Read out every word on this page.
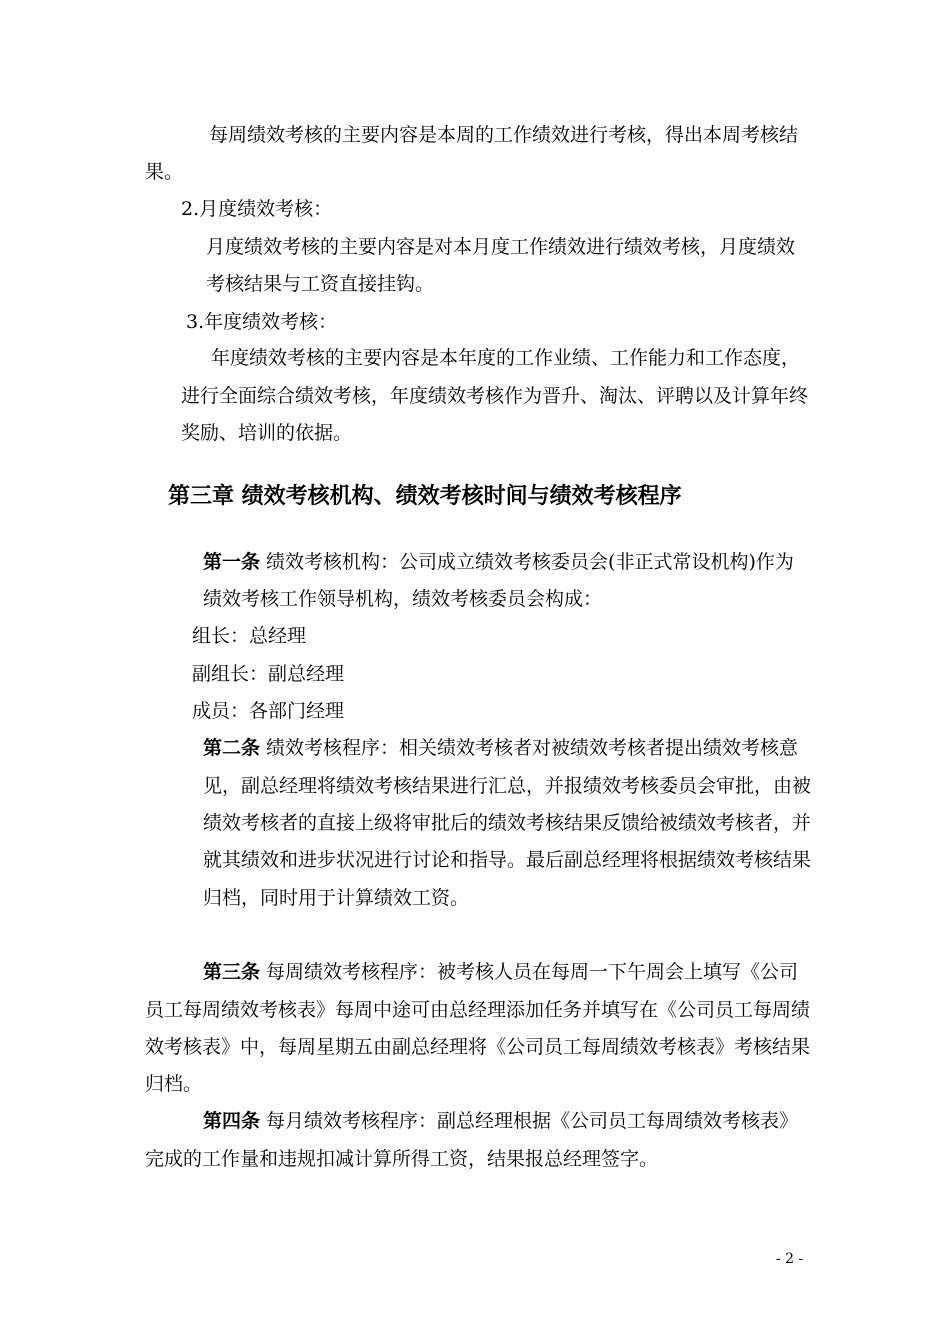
每周绩效考核的主要内容是本周的工作绩效进行考核，得出本周考核结
果。
2.月度绩效考核：
月度绩效考核的主要内容是对本月度工作绩效进行绩效考核，月度绩效
考核结果与工资直接挂钩。
3.年度绩效考核：
年度绩效考核的主要内容是本年度的工作业绩、工作能力和工作态度，
进行全面综合绩效考核，年度绩效考核作为晋升、淘汰、评聘以及计算年终
奖励、培训的依据。
第三章 绩效考核机构、绩效考核时间与绩效考核程序
第一条 绩效考核机构：公司成立绩效考核委员会(非正式常设机构)作为
绩效考核工作领导机构，绩效考核委员会构成：
组长：总经理
副组长：副总经理
成员：各部门经理
第二条 绩效考核程序：相关绩效考核者对被绩效考核者提出绩效考核意
见，副总经理将绩效考核结果进行汇总，并报绩效考核委员会审批，由被
绩效考核者的直接上级将审批后的绩效考核结果反馈给被绩效考核者，并
就其绩效和进步状况进行讨论和指导。最后副总经理将根据绩效考核结果
归档，同时用于计算绩效工资。
第三条 每周绩效考核程序：被考核人员在每周一下午周会上填写《公司
员工每周绩效考核表》每周中途可由总经理添加任务并填写在《公司员工每周绩
效考核表》中，每周星期五由副总经理将《公司员工每周绩效考核表》考核结果
归档。
第四条 每月绩效考核程序：副总经理根据《公司员工每周绩效考核表》
完成的工作量和违规扣减计算所得工资，结果报总经理签字。
- 2 -
